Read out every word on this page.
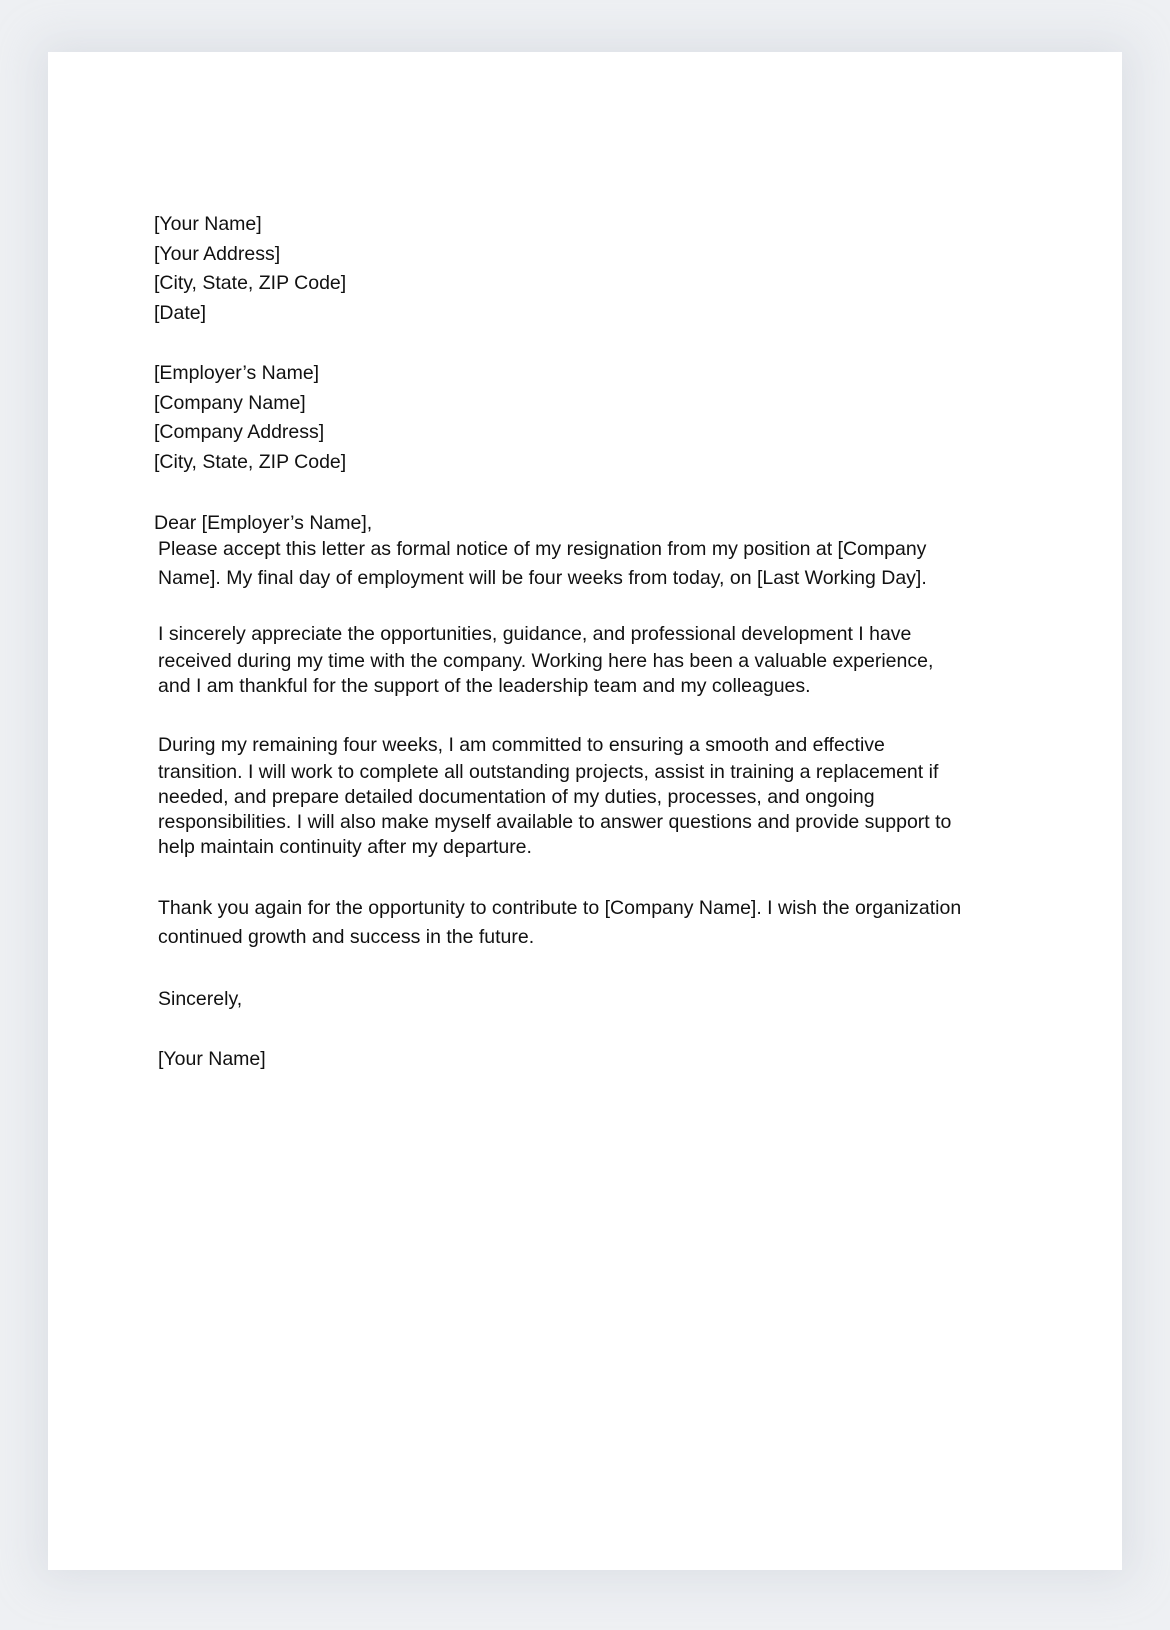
[Your Name]
[Your Address]
[City, State, ZIP Code]
[Date]
[Employer’s Name]
[Company Name]
[Company Address]
[City, State, ZIP Code]
Dear [Employer’s Name],
Please accept this letter as formal notice of my resignation from my position at [Company
Name]. My final day of employment will be four weeks from today, on [Last Working Day].
I sincerely appreciate the opportunities, guidance, and professional development I have
received during my time with the company. Working here has been a valuable experience,
and I am thankful for the support of the leadership team and my colleagues.
During my remaining four weeks, I am committed to ensuring a smooth and effective
transition. I will work to complete all outstanding projects, assist in training a replacement if
needed, and prepare detailed documentation of my duties, processes, and ongoing
responsibilities. I will also make myself available to answer questions and provide support to
help maintain continuity after my departure.
Thank you again for the opportunity to contribute to [Company Name]. I wish the organization
continued growth and success in the future.
Sincerely,
[Your Name]
